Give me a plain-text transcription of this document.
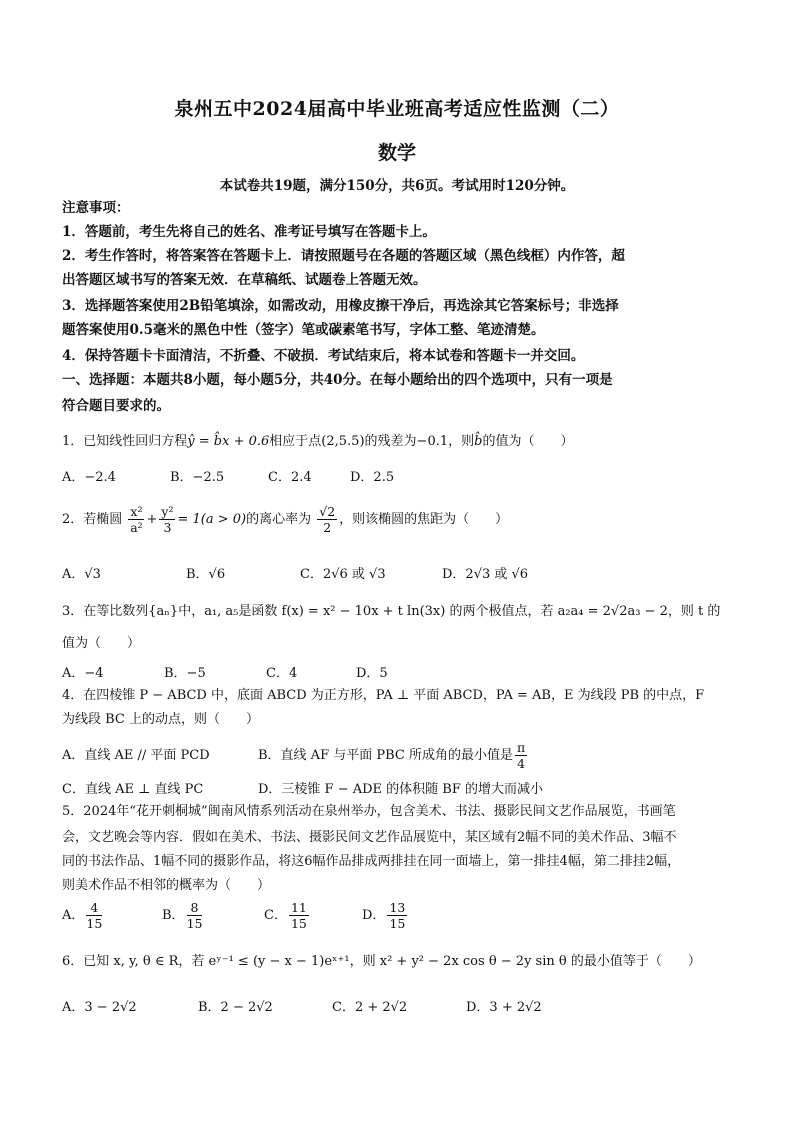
泉州五中2024届高中毕业班高考适应性监测（二）
数学
本试卷共19题，满分150分，共6页。考试用时120分钟。
注意事项：
1．答题前，考生先将自己的姓名、准考证号填写在答题卡上。
2．考生作答时，将答案答在答题卡上．请按照题号在各题的答题区域（黑色线框）内作答，超
出答题区域书写的答案无效．在草稿纸、试题卷上答题无效。
3．选择题答案使用2B铅笔填涂，如需改动，用橡皮擦干净后，再选涂其它答案标号；非选择
题答案使用0.5毫米的黑色中性（签字）笔或碳素笔书写，字体工整、笔迹清楚。
4．保持答题卡卡面清洁，不折叠、不破损．考试结束后，将本试卷和答题卡一并交回。
一、选择题：本题共8小题，每小题5分，共40分。在每小题给出的四个选项中，只有一项是
符合题目要求的。
1．已知线性回归方程ŷ = b̂x + 0.6相应于点(2,5.5)的残差为−0.1，则b̂的值为（　　）
A．−2.4	B．−2.5	C．2.4	D．2.5
2．若椭圆 $\frac{\text{x²}}{\text{a²}} + \frac{\text{y²}}{3} = 1(a > 0)$的离心率为 $\frac{√2}{2}$ ，则该椭圆的焦距为（　　）
A．√3	B．√6	C．2√6 或 √3	D．2√3 或 √6
3．在等比数列{aₙ}中，a₁, a₅是函数 f(x) = x² − 10x + t ln(3x) 的两个极值点，若 a₂a₄ = 2√2a₃ − 2，则 t 的
值为（　　）
A．−4	B．−5	C．4	D．5
4．在四棱锥 P − ABCD 中，底面 ABCD 为正方形，PA ⊥ 平面 ABCD，PA = AB，E 为线段 PB 的中点，F
为线段 BC 上的动点，则（　　）
A．直线 AE // 平面 PCD	B．直线 AF 与平面 PBC 所成角的最小值是 $\frac{\pi}{4}$
C．直线 AE ⊥ 直线 PC	D．三棱锥 F − ADE 的体积随 BF 的增大而减小
5．2024年“花开刺桐城”闽南风情系列活动在泉州举办，包含美术、书法、摄影民间文艺作品展览，书画笔
会，文艺晚会等内容．假如在美术、书法、摄影民间文艺作品展览中，某区域有2幅不同的美术作品、3幅不
同的书法作品、1幅不同的摄影作品，将这6幅作品排成两排挂在同一面墙上，第一排挂4幅，第二排挂2幅，
则美术作品不相邻的概率为（　　）
A． $\frac{4}{15}$	B． $\frac{8}{15}$	C． $\frac{11}{15}$	D． $\frac{13}{15}$
6．已知 x, y, θ ∈ R，若 eʸ⁻¹ ≤ (y − x − 1)eˣ⁺¹，则 x² + y² − 2x cos θ − 2y sin θ 的最小值等于（　　）
A．3 − 2√2	B．2 − 2√2	C．2 + 2√2	D．3 + 2√2
